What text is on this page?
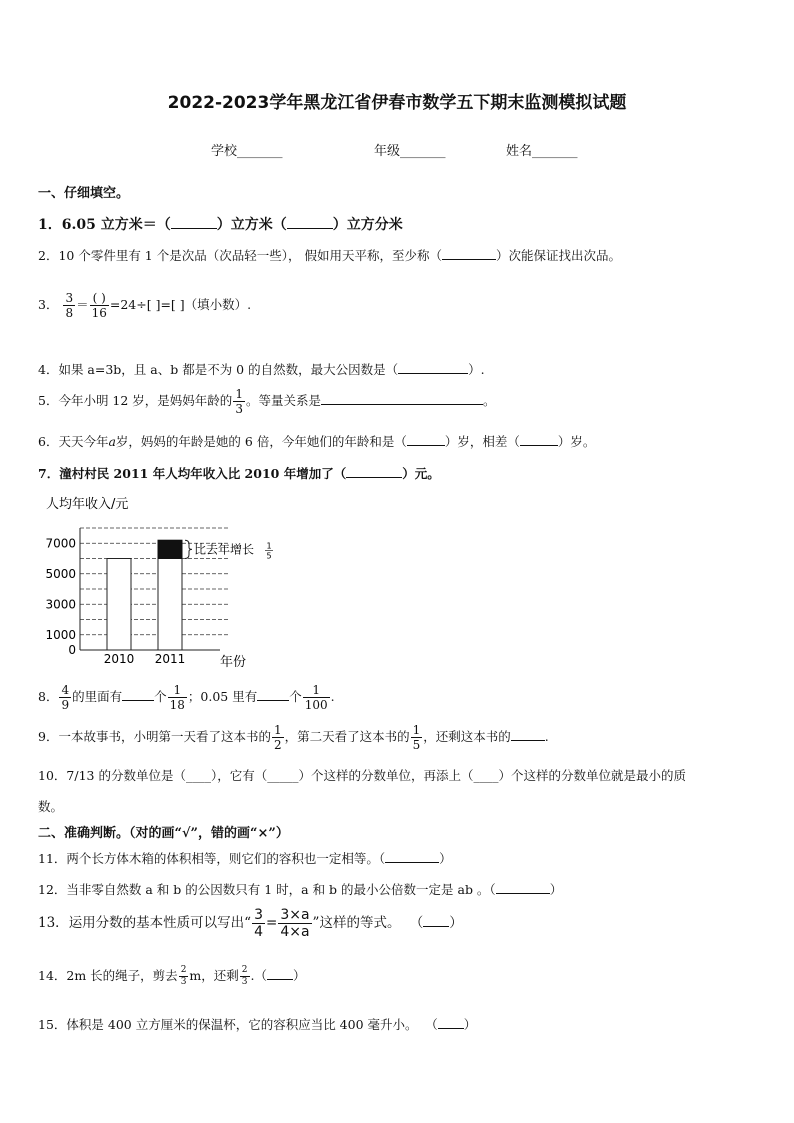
2022-2023学年黑龙江省伊春市数学五下期末监测模拟试题
学校_______	年级_______	姓名_______
一、仔细填空。
1．6.05 立方米＝（	）立方米（	）立方分米
2．10 个零件里有 1 个是次品（次品轻一些）， 假如用天平称，至少称（	）次能保证找出次品。
3． $\frac{3}{8} = \frac{( )}{16} =24\div$[ ]=[ ]（填小数）.
4．如果 a=3b，且 a、b 都是不为 0 的自然数，最大公因数是（	）.
5．今年小明 12 岁，是妈妈年龄的 $\frac{1}{3}$ 。等量关系是	。
6．天天今年a岁，妈妈的年龄是她的 6 倍，今年她们的年龄和是（	）岁，相差（	）岁。
7．潼村村民 2011 年人均年收入比 2010 年增加了（	）元。
人均年收入/元
年份
0
1000
3000
5000
7000
2010 2011
比去年增长 1
5
8． $\frac{4}{9}$ 的里面有	个 $\frac{1}{18}$ ；0.05 里有	个 $\frac{1}{100}$ .
9．一本故事书，小明第一天看了这本书的 $\frac{1}{2}$ ，第二天看了这本书的 $\frac{1}{5}$ ，还剩这本书的	.
10．7/13 的分数单位是（____），它有（_____）个这样的分数单位，再添上（____）个这样的分数单位就是最小的质
数。
二、准确判断。（对的画“√”，错的画“×”）
11．两个长方体木箱的体积相等，则它们的容积也一定相等。（	）
12．当非零自然数 a 和 b 的公因数只有 1 时，a 和 b 的最小公倍数一定是 ab 。（	）
13．运用分数的基本性质可以写出“ $\frac{3}{4} = \frac{3\times a}{4\times a}$ ”这样的等式。 （ ）
14．2m 长的绳子，剪去 $\frac{2}{3}$ m，还剩 $\frac{2}{3}$ .（ ）
15．体积是 400 立方厘米的保温杯，它的容积应当比 400 毫升小。 （ ）
